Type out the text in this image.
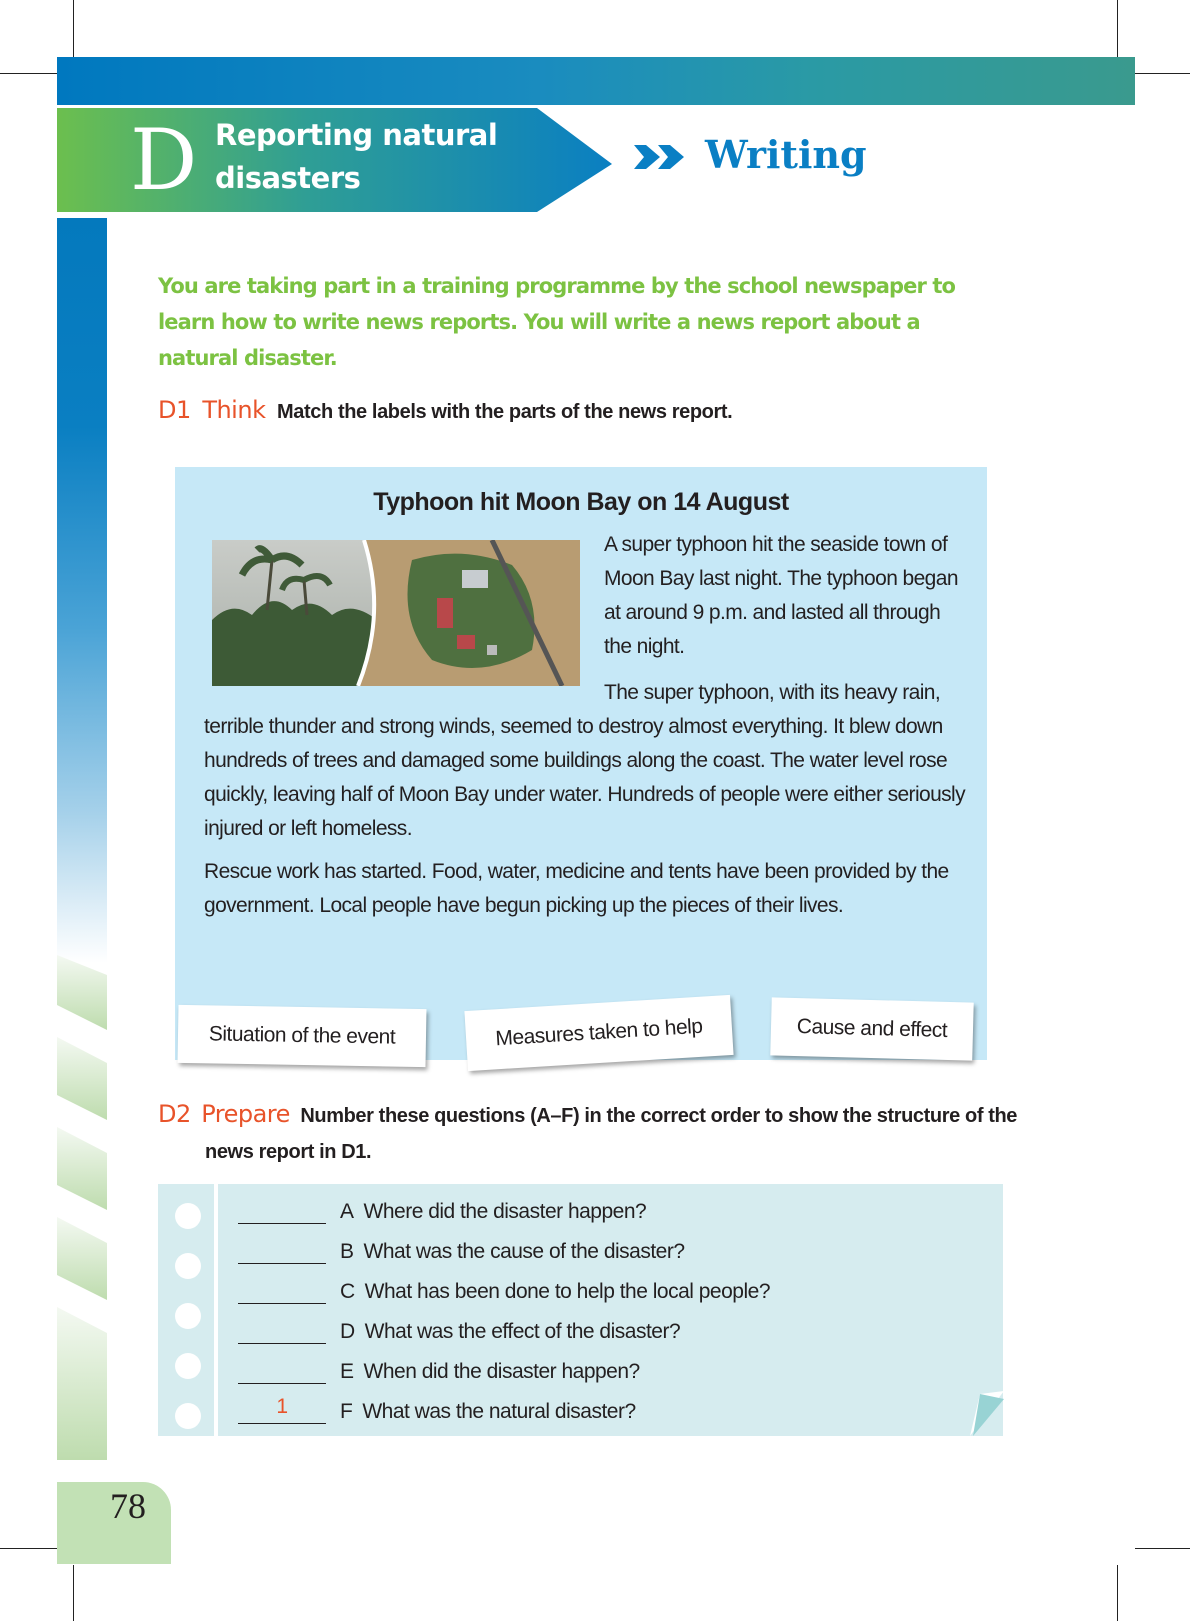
D Reporting natural
disasters
Writing
You are taking part in a training programme by the school newspaper to learn how to write news reports. You will write a news report about a natural disaster.
D1 Think Match the labels with the parts of the news report.
Typhoon hit Moon Bay on 14 August
A super typhoon hit the seaside town of Moon Bay last night. The typhoon began at around 9 p.m. and lasted all through the night.
The super typhoon, with its heavy rain, terrible thunder and strong winds, seemed to destroy almost everything. It blew down hundreds of trees and damaged some buildings along the coast. The water level rose quickly, leaving half of Moon Bay under water. Hundreds of people were either seriously injured or left homeless.
Rescue work has started. Food, water, medicine and tents have been provided by the government. Local people have begun picking up the pieces of their lives.
Situation of the event	Measures taken to help	Cause and effect
D2 Prepare Number these questions (A–F) in the correct order to show the structure of the news report in D1.
A Where did the disaster happen?
B What was the cause of the disaster?
C What has been done to help the local people?
D What was the effect of the disaster?
E When did the disaster happen?
1	F What was the natural disaster?
78
